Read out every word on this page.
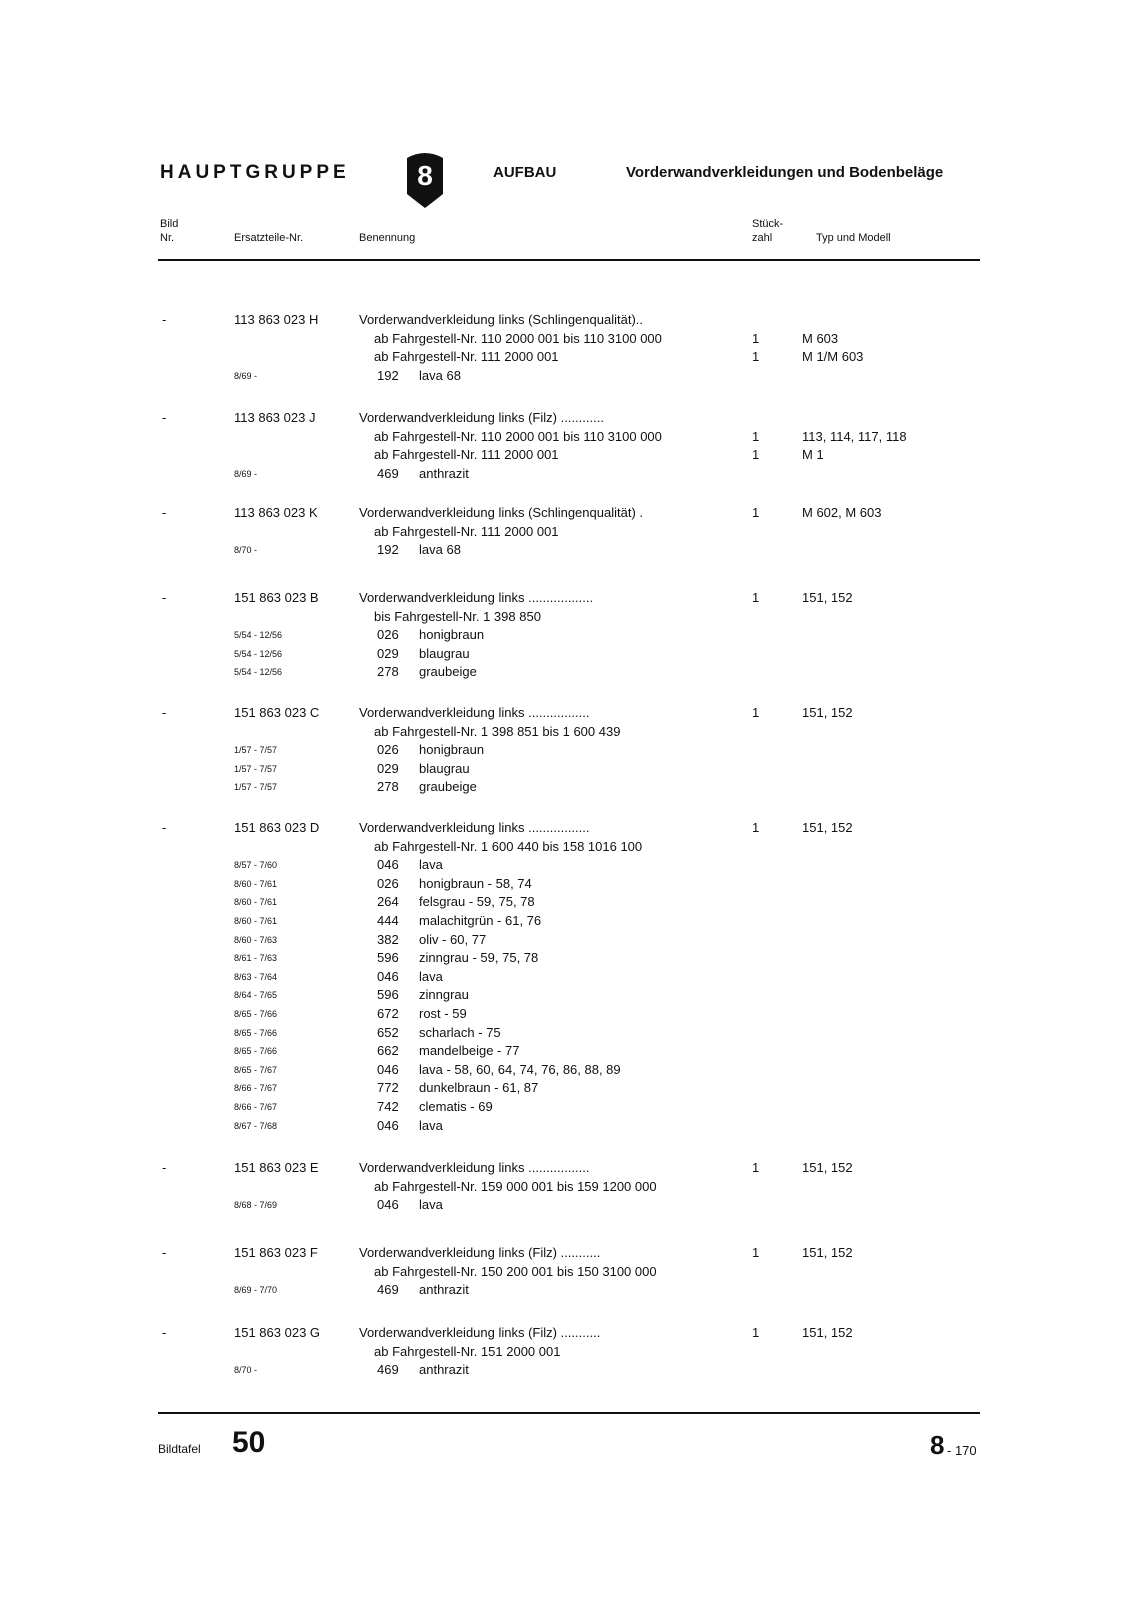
HAUPTGRUPPE	8	AUFBAU	Vorderwandverkleidungen und Bodenbeläge
Bild
Nr.	Ersatzteile-Nr.	Benennung
Stück-
zahl	Typ und Modell
-	113 863 023 H	Vorderwandverkleidung links (Schlingenqualität)..
ab Fahrgestell-Nr. 110 2000 001 bis 110 3100 000	1	M 603
ab Fahrgestell-Nr. 111 2000 001	1	M 1/M 603
8/69 -	192 lava 68
-	113 863 023 J	Vorderwandverkleidung links (Filz) ............
ab Fahrgestell-Nr. 110 2000 001 bis 110 3100 000	1	113, 114, 117, 118
ab Fahrgestell-Nr. 111 2000 001	1	M 1
8/69 -	469 anthrazit
-	113 863 023 K	Vorderwandverkleidung links (Schlingenqualität) .	1	M 602, M 603
ab Fahrgestell-Nr. 111 2000 001
8/70 -	192 lava 68
-	151 863 023 B	Vorderwandverkleidung links ..................	1	151, 152
bis Fahrgestell-Nr. 1 398 850
5/54 - 12/56	026 honigbraun
5/54 - 12/56	029 blaugrau
5/54 - 12/56	278 graubeige
-	151 863 023 C	Vorderwandverkleidung links .................	1	151, 152
ab Fahrgestell-Nr. 1 398 851 bis 1 600 439
1/57 - 7/57	026 honigbraun
1/57 - 7/57	029 blaugrau
1/57 - 7/57	278 graubeige
-	151 863 023 D	Vorderwandverkleidung links .................	1	151, 152
ab Fahrgestell-Nr. 1 600 440 bis 158 1016 100
8/57 - 7/60	046 lava
8/60 - 7/61	026 honigbraun - 58, 74
8/60 - 7/61	264 felsgrau - 59, 75, 78
8/60 - 7/61	444 malachitgrün - 61, 76
8/60 - 7/63	382 oliv - 60, 77
8/61 - 7/63	596 zinngrau - 59, 75, 78
8/63 - 7/64	046 lava
8/64 - 7/65	596 zinngrau
8/65 - 7/66	672 rost - 59
8/65 - 7/66	652 scharlach - 75
8/65 - 7/66	662 mandelbeige - 77
8/65 - 7/67	046 lava - 58, 60, 64, 74, 76, 86, 88, 89
8/66 - 7/67	772 dunkelbraun - 61, 87
8/66 - 7/67	742 clematis - 69
8/67 - 7/68	046 lava
-	151 863 023 E	Vorderwandverkleidung links .................	1	151, 152
ab Fahrgestell-Nr. 159 000 001 bis 159 1200 000
8/68 - 7/69	046 lava
-	151 863 023 F	Vorderwandverkleidung links (Filz) ...........	1	151, 152
ab Fahrgestell-Nr. 150 200 001 bis 150 3100 000
8/69 - 7/70	469 anthrazit
-	151 863 023 G	Vorderwandverkleidung links (Filz) ...........	1	151, 152
ab Fahrgestell-Nr. 151 2000 001
8/70 -	469 anthrazit
Bildtafel 50	8 - 170
